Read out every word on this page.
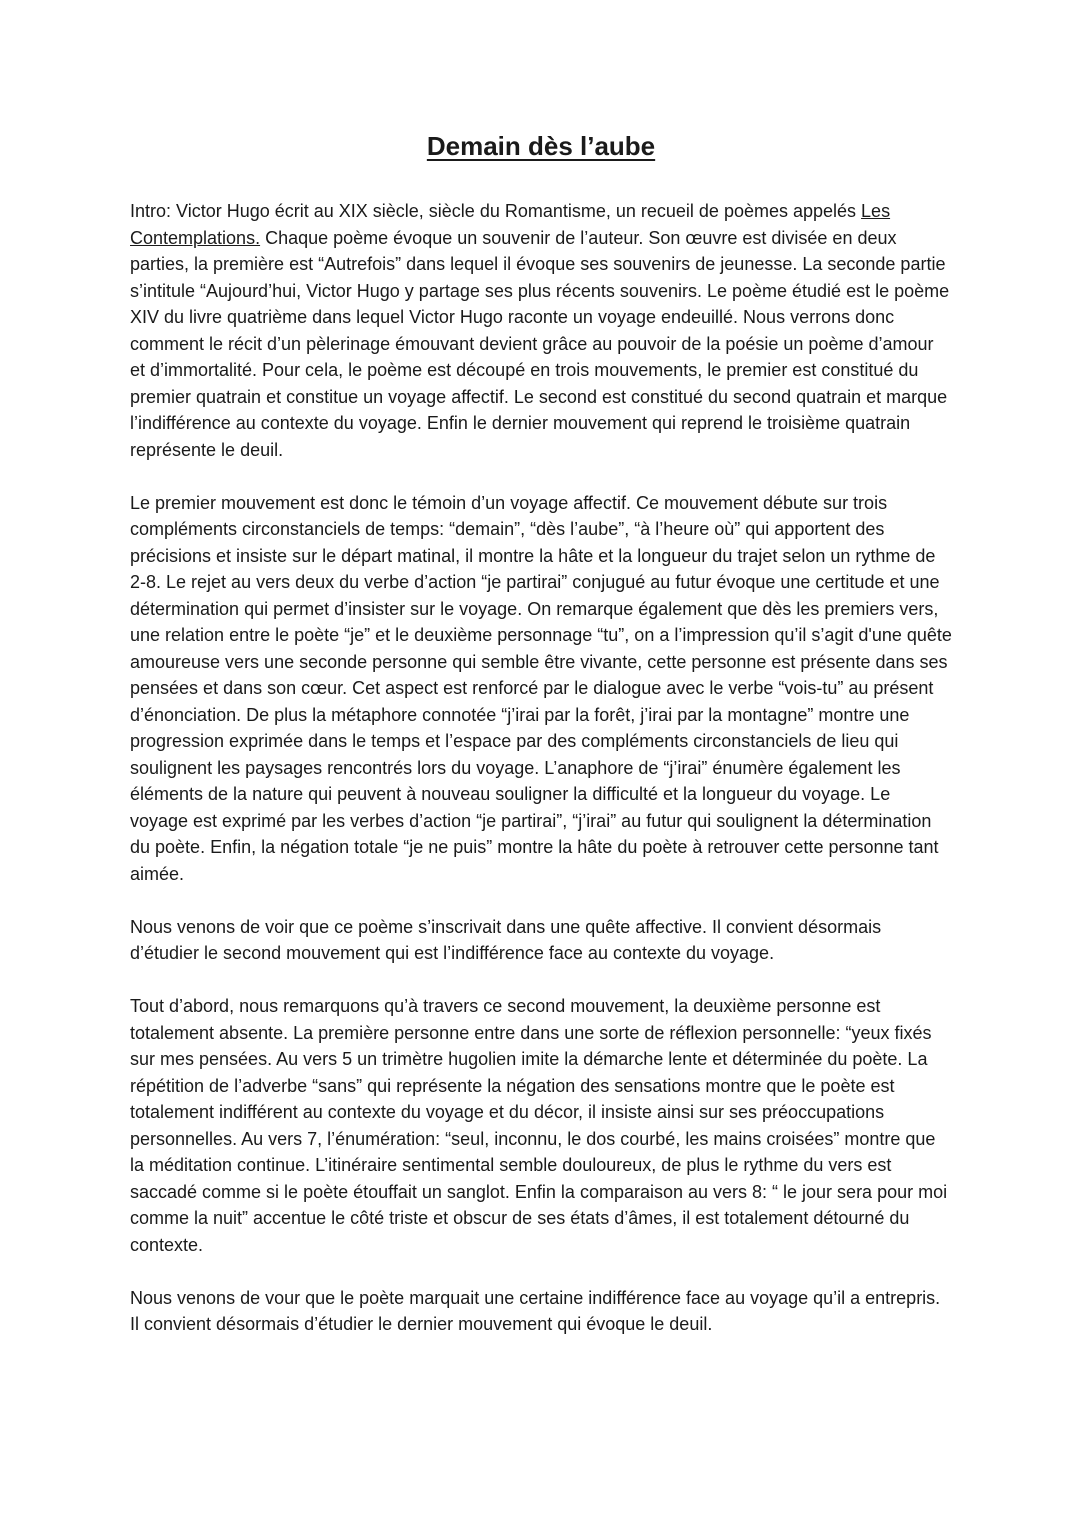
Demain dès l’aube

Intro: Victor Hugo écrit au XIX siècle, siècle du Romantisme, un recueil de poèmes appelés Les Contemplations. Chaque poème évoque un souvenir de l’auteur. Son œuvre est divisée en deux parties, la première est “Autrefois” dans lequel il évoque ses souvenirs de jeunesse. La seconde partie s’intitule “Aujourd’hui, Victor Hugo y partage ses plus récents souvenirs. Le poème étudié est le poème XIV du livre quatrième dans lequel Victor Hugo raconte un voyage endeuillé. Nous verrons donc comment le récit d’un pèlerinage émouvant devient grâce au pouvoir de la poésie un poème d’amour et d’immortalité. Pour cela, le poème est découpé en trois mouvements, le premier est constitué du premier quatrain et constitue un voyage affectif. Le second est constitué du second quatrain et marque l’indifférence au contexte du voyage. Enfin le dernier mouvement qui reprend le troisième quatrain représente le deuil.

Le premier mouvement est donc le témoin d’un voyage affectif. Ce mouvement débute sur trois compléments circonstanciels de temps: “demain”, “dès l’aube”, “à l’heure où” qui apportent des précisions et insiste sur le départ matinal, il montre la hâte et la longueur du trajet selon un rythme de 2-8. Le rejet au vers deux du verbe d’action “je partirai” conjugué au futur évoque une certitude et une détermination qui permet d’insister sur le voyage. On remarque également que dès les premiers vers, une relation entre le poète “je” et le deuxième personnage “tu”, on a l’impression qu’il s’agit d'une quête amoureuse vers une seconde personne qui semble être vivante, cette personne est présente dans ses pensées et dans son cœur. Cet aspect est renforcé par le dialogue avec le verbe “vois-tu” au présent d’énonciation. De plus la métaphore connotée “j’irai par la forêt, j’irai par la montagne” montre une progression exprimée dans le temps et l’espace par des compléments circonstanciels de lieu qui soulignent les paysages rencontrés lors du voyage. L’anaphore de “j’irai” énumère également les éléments de la nature qui peuvent à nouveau souligner la difficulté et la longueur du voyage. Le voyage est exprimé par les verbes d’action “je partirai”, “j’irai” au futur qui soulignent la détermination du poète. Enfin, la négation totale “je ne puis” montre la hâte du poète à retrouver cette personne tant aimée.

Nous venons de voir que ce poème s’inscrivait dans une quête affective. Il convient désormais d’étudier le second mouvement qui est l’indifférence face au contexte du voyage.

Tout d’abord, nous remarquons qu’à travers ce second mouvement, la deuxième personne est totalement absente. La première personne entre dans une sorte de réflexion personnelle: “yeux fixés sur mes pensées. Au vers 5 un trimètre hugolien imite la démarche lente et déterminée du poète. La répétition de l’adverbe “sans” qui représente la négation des sensations montre que le poète est totalement indifférent au contexte du voyage et du décor, il insiste ainsi sur ses préoccupations personnelles. Au vers 7, l’énumération: “seul, inconnu, le dos courbé, les mains croisées” montre que la méditation continue. L’itinéraire sentimental semble douloureux, de plus le rythme du vers est saccadé comme si le poète étouffait un sanglot. Enfin la comparaison au vers 8: “ le jour sera pour moi comme la nuit” accentue le côté triste et obscur de ses états d’âmes, il est totalement détourné du contexte.

Nous venons de vour que le poète marquait une certaine indifférence face au voyage qu’il a entrepris. Il convient désormais d’étudier le dernier mouvement qui évoque le deuil.
